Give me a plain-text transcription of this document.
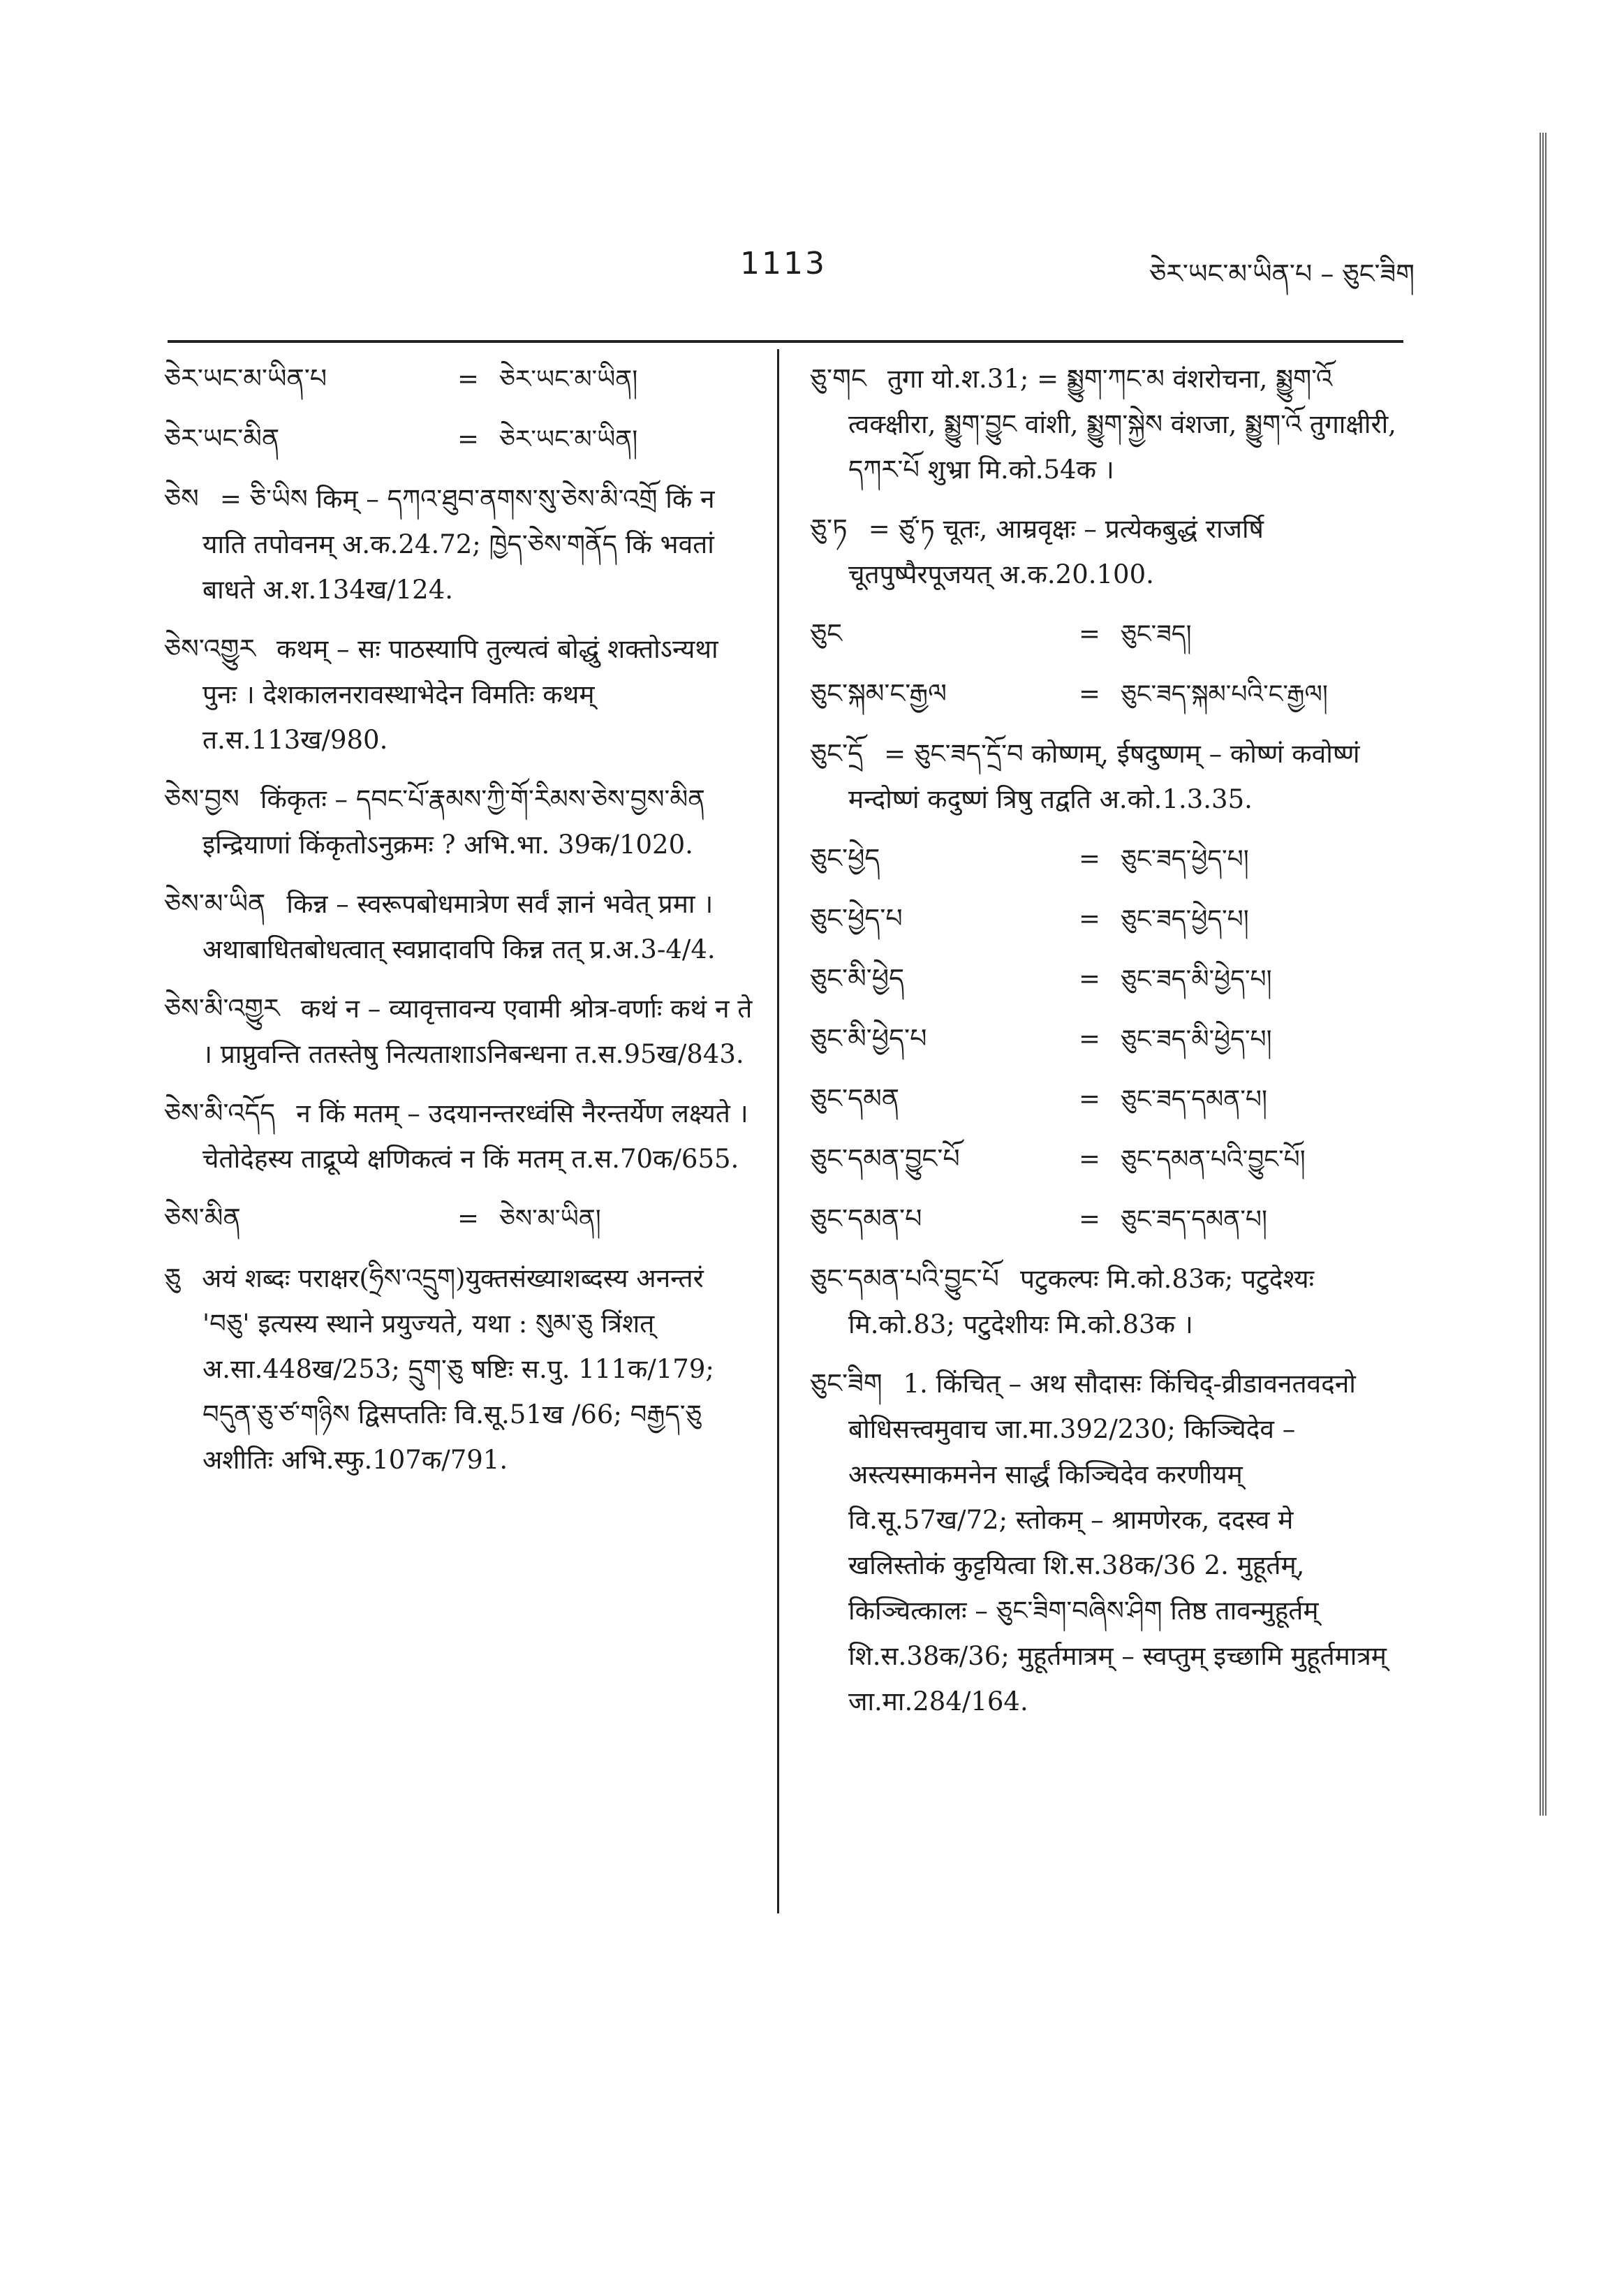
1113	ཅེར་ཡང་མ་ཡིན་པ – ཅུང་ཟིག
ཅེར་ཡང་མ་ཡིན་པ	= ཅེར་ཡང་མ་ཡིན།
ཅེར་ཡང་མིན	= ཅེར་ཡང་མ་ཡིན།
ཅེས = ཅི་ཡིས किम् – དཀའ་ཐུབ་ནགས་སུ་ཅེས་མི་འགྲོ किं न याति तपोवनम् अ.क.24.72; ཁྱེད་ཅེས་གནོད किं भवतां बाधते अ.श.134ख/124.
ཅེས་འགྱུར कथम् – सः पाठस्यापि तुल्यत्वं बोद्धुं शक्तोऽन्यथा पुनः । देशकालनरावस्थाभेदेन विमतिः कथम् त.स.113ख/980.
ཅེས་བྱས किंकृतः – དབང་པོ་རྣམས་ཀྱི་གོ་རིམས་ཅེས་བྱས་མིན इन्द्रियाणां किंकृतोऽनुक्रमः ? अभि.भा. 39क/1020.
ཅེས་མ་ཡིན किन्न – स्वरूपबोधमात्रेण सर्वं ज्ञानं भवेत् प्रमा । अथाबाधितबोधत्वात् स्वप्नादावपि किन्न तत् प्र.अ.3-4/4.
ཅེས་མི་འགྱུར कथं न – व्यावृत्तावन्य एवामी श्रोत्र-वर्णाः कथं न ते । प्राप्नुवन्ति ततस्तेषु नित्यताशाऽनिबन्धना त.स.95ख/843.
ཅེས་མི་འདོད न किं मतम् – उदयानन्तरध्वंसि नैरन्तर्येण लक्ष्यते । चेतोदेहस्य ताद्रूप्ये क्षणिकत्वं न किं मतम् त.स.70क/655.
ཅེས་མིན	= ཅེས་མ་ཡིན།
ཅུ अयं शब्दः पराक्षर(ཧྲིས་འདྲུག)युक्तसंख्याशब्दस्य अनन्तरं 'བཅུ' इत्यस्य स्थाने प्रयुज्यते, यथा : སུམ་ཅུ त्रिंशत् अ.सा.448ख/253; དྲུག་ཅུ षष्टिः स.पु. 111क/179; བདུན་ཅུ་ཙ་གཉིས द्विसप्ततिः वि.सू.51ख /66; བརྒྱད་ཅུ अशीतिः अभि.स्फु.107क/791.
ཅུ་གང तुगा यो.श.31; = སྨྱུག་ཀང་མ वंशरोचना, སྨྱུག་འོ त्वक्क्षीरा, སྨྱུག་བྱུང वांशी, སྨྱུག་སྐྱེས वंशजा, སྨྱུག་འོ तुगाक्षीरी, དཀར་པོ शुभ्रा मि.को.54क ।
ཅུ་ཏ = ཙུ་ཏ चूतः, आम्रवृक्षः – प्रत्येकबुद्धं राजर्षि चूतपुष्पैरपूजयत् अ.क.20.100.
ཅུང	= ཅུང་ཟད།
ཅུང་སྐམ་ང་རྒྱལ	= ཅུང་ཟད་སྐམ་པའི་ང་རྒྱལ།
ཅུང་དྲོ = ཅུང་ཟད་དྲོ་བ कोष्णम्, ईषदुष्णम् – कोष्णं कवोष्णं मन्दोष्णं कदुष्णं त्रिषु तद्वति अ.को.1.3.35.
ཅུང་ཕྱེད	= ཅུང་ཟད་ཕྱེད་པ།
ཅུང་ཕྱེད་པ	= ཅུང་ཟད་ཕྱེད་པ།
ཅུང་མི་ཕྱེད	= ཅུང་ཟད་མི་ཕྱེད་པ།
ཅུང་མི་ཕྱེད་པ	= ཅུང་ཟད་མི་ཕྱེད་པ།
ཅུང་དམན	= ཅུང་ཟད་དམན་པ།
ཅུང་དམན་བྱུང་པོ	= ཅུང་དམན་པའི་བྱུང་པོ།
ཅུང་དམན་པ	= ཅུང་ཟད་དམན་པ།
ཅུང་དམན་པའི་བྱུང་པོ पटुकल्पः मि.को.83क; पटुदेश्यः मि.को.83; पटुदेशीयः मि.को.83क ।
ཅུང་ཟིག 1. किंचित् – अथ सौदासः किंचिद्-व्रीडावनतवदनो बोधिसत्त्वमुवाच जा.मा.392/230; किञ्चिदेव – अस्त्यस्माकमनेन सार्द्धं किञ्चिदेव करणीयम् वि.सू.57ख/72; स्तोकम् – श्रामणेरक, ददस्व मे खलिस्तोकं कुट्टयित्वा शि.स.38क/36 2. मुहूर्तम्, किञ्चित्कालः – ཅུང་ཟིག་བཞིས་ཤིག तिष्ठ तावन्मुहूर्तम् शि.स.38क/36; मुहूर्तमात्रम् – स्वप्तुम् इच्छामि मुहूर्तमात्रम् जा.मा.284/164.
